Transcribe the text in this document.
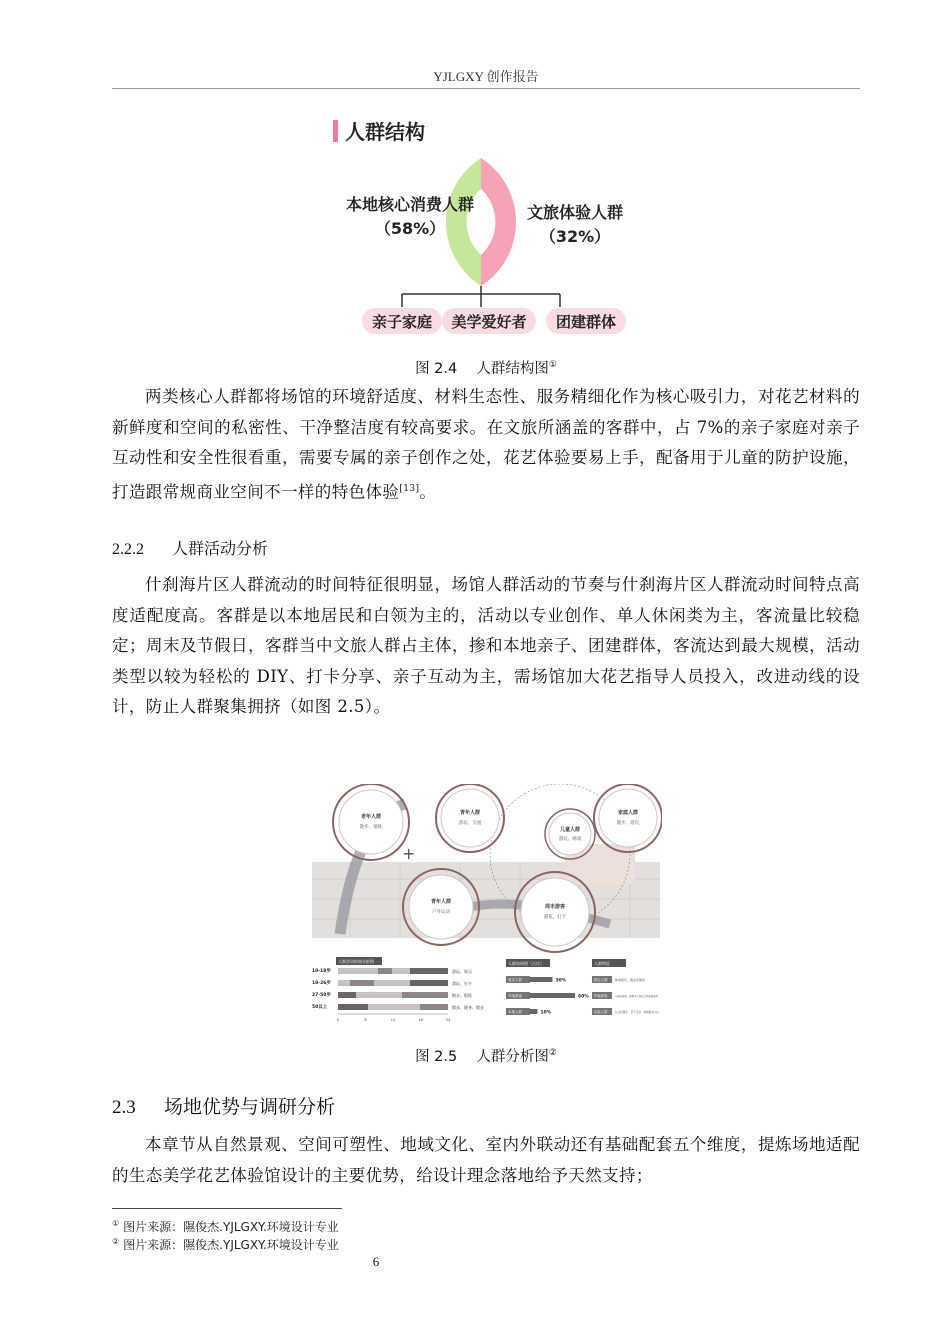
YJLGXY 创作报告
人群结构
本地核心消费人群
（58%）
文旅体验人群
（32%）
亲子家庭 美学爱好者 团建群体
图 2.4　 人群结构图①

两类核心人群都将场馆的环境舒适度、材料生态性、服务精细化作为核心吸引力，对花艺材料的新鲜度和空间的私密性、干净整洁度有较高要求。在文旅所涵盖的客群中，占 7%的亲子家庭对亲子互动性和安全性很看重，需要专属的亲子创作之处，花艺体验要易上手，配备用于儿童的防护设施，打造跟常规商业空间不一样的特色体验[13]。

2.2.2 人群活动分析

什刹海片区人群流动的时间特征很明显，场馆人群活动的节奏与什刹海片区人群流动时间特点高度适配度高。客群是以本地居民和白领为主的，活动以专业创作、单人休闲类为主，客流量比较稳定；周末及节假日，客群当中文旅人群占主体，掺和本地亲子、团建群体，客流达到最大规模，活动类型以较为轻松的 DIY、打卡分享、亲子互动为主，需场馆加大花艺指导人员投入，改进动线的设计，防止人群聚集拥挤（如图 2.5）。

+
老年人群
散步、锻炼
青年人群
游玩、交流
儿童人群
游玩、嬉戏
家庭人群
散步、游玩
青年人群
户外运动
周末游客
游览、打卡
人群活动时间分析图
10-18岁	游玩、娱乐
18-26岁	游玩、打卡
27-50岁	散步、锻炼
50以上	散步、健身、散步
0	6	12	18	24
人群结构图（占比）
周边人群	30%
外地游客	60%
本地人群	10%
人群特征
周边人群	休闲娱乐、散步及健身
外地游客	以观光游览、购物为主的综合性旅游活动
本地人群	以文化娱乐、亲子互动、休闲散步为主
图 2.5　 人群分析图②
2.3 场地优势与调研分析

本章节从自然景观、空间可塑性、地域文化、室内外联动还有基础配套五个维度，提炼场地适配的生态美学花艺体验馆设计的主要优势，给设计理念落地给予天然支持；

① 图片来源：隰俊杰.YJLGXY.环境设计专业
② 图片来源：隰俊杰.YJLGXY.环境设计专业
6
